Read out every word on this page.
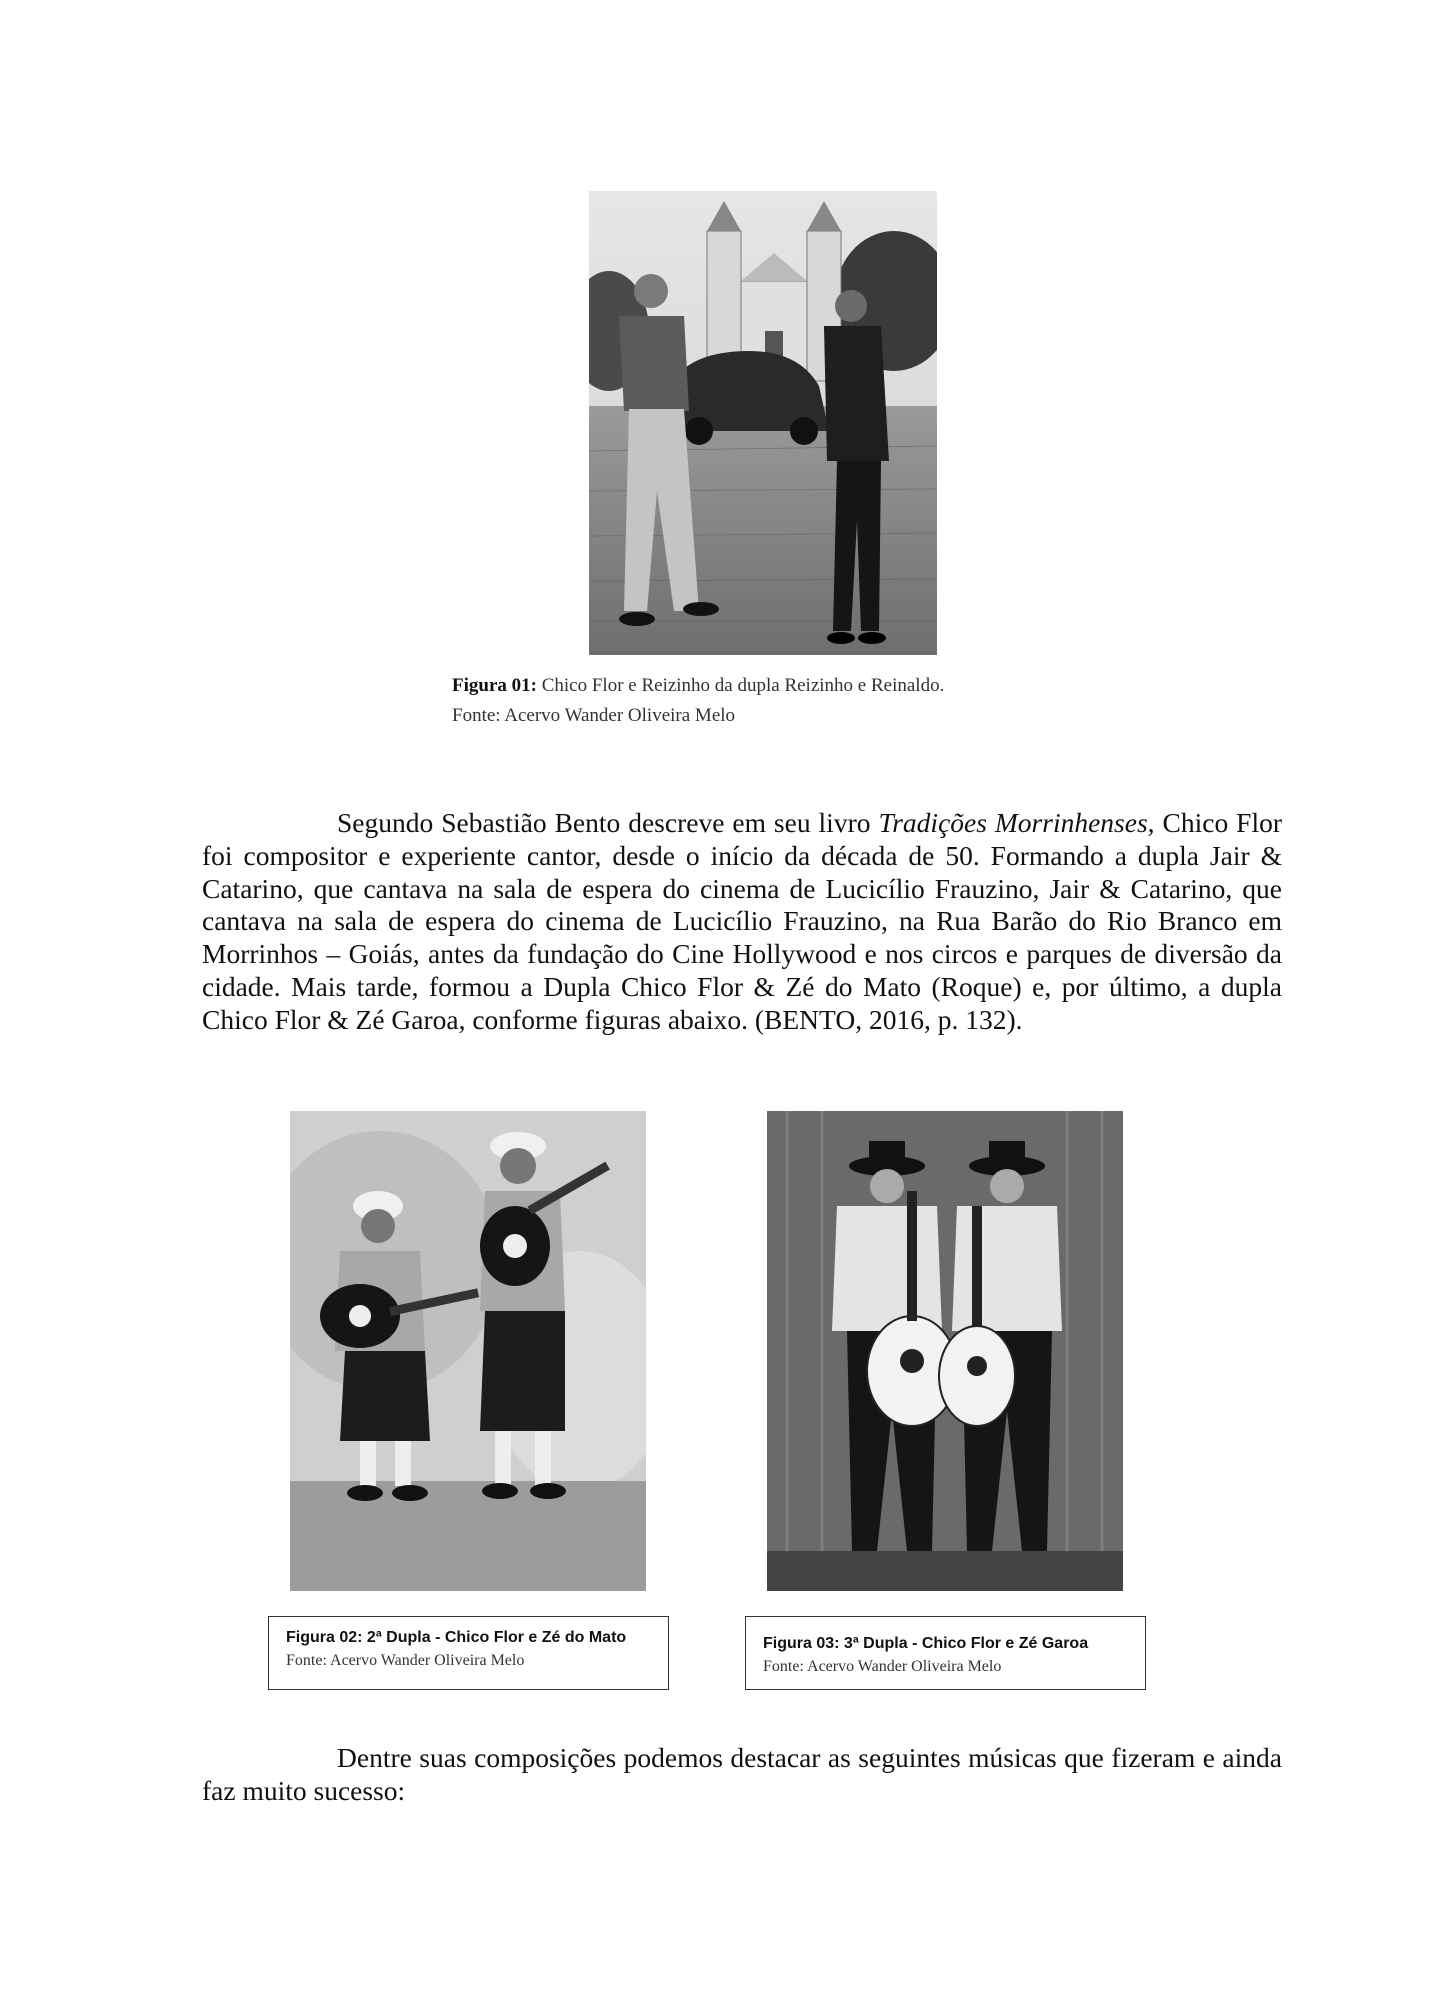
Figura 01: Chico Flor e Reizinho da dupla Reizinho e Reinaldo.
Fonte: Acervo Wander Oliveira Melo
Segundo Sebastião Bento descreve em seu livro Tradições Morrinhenses, Chico Flor foi compositor e experiente cantor, desde o início da década de 50. Formando a dupla Jair & Catarino, que cantava na sala de espera do cinema de Lucicílio Frauzino, Jair & Catarino, que cantava na sala de espera do cinema de Lucicílio Frauzino, na Rua Barão do Rio Branco em Morrinhos – Goiás, antes da fundação do Cine Hollywood e nos circos e parques de diversão da cidade. Mais tarde, formou a Dupla Chico Flor & Zé do Mato (Roque) e, por último, a dupla Chico Flor & Zé Garoa, conforme figuras abaixo. (BENTO, 2016, p. 132).
Figura 02: 2ª Dupla - Chico Flor e Zé do Mato
Fonte: Acervo Wander Oliveira Melo
Figura 03: 3ª Dupla - Chico Flor e Zé Garoa
Fonte: Acervo Wander Oliveira Melo
Dentre suas composições podemos destacar as seguintes músicas que fizeram e ainda faz muito sucesso:
